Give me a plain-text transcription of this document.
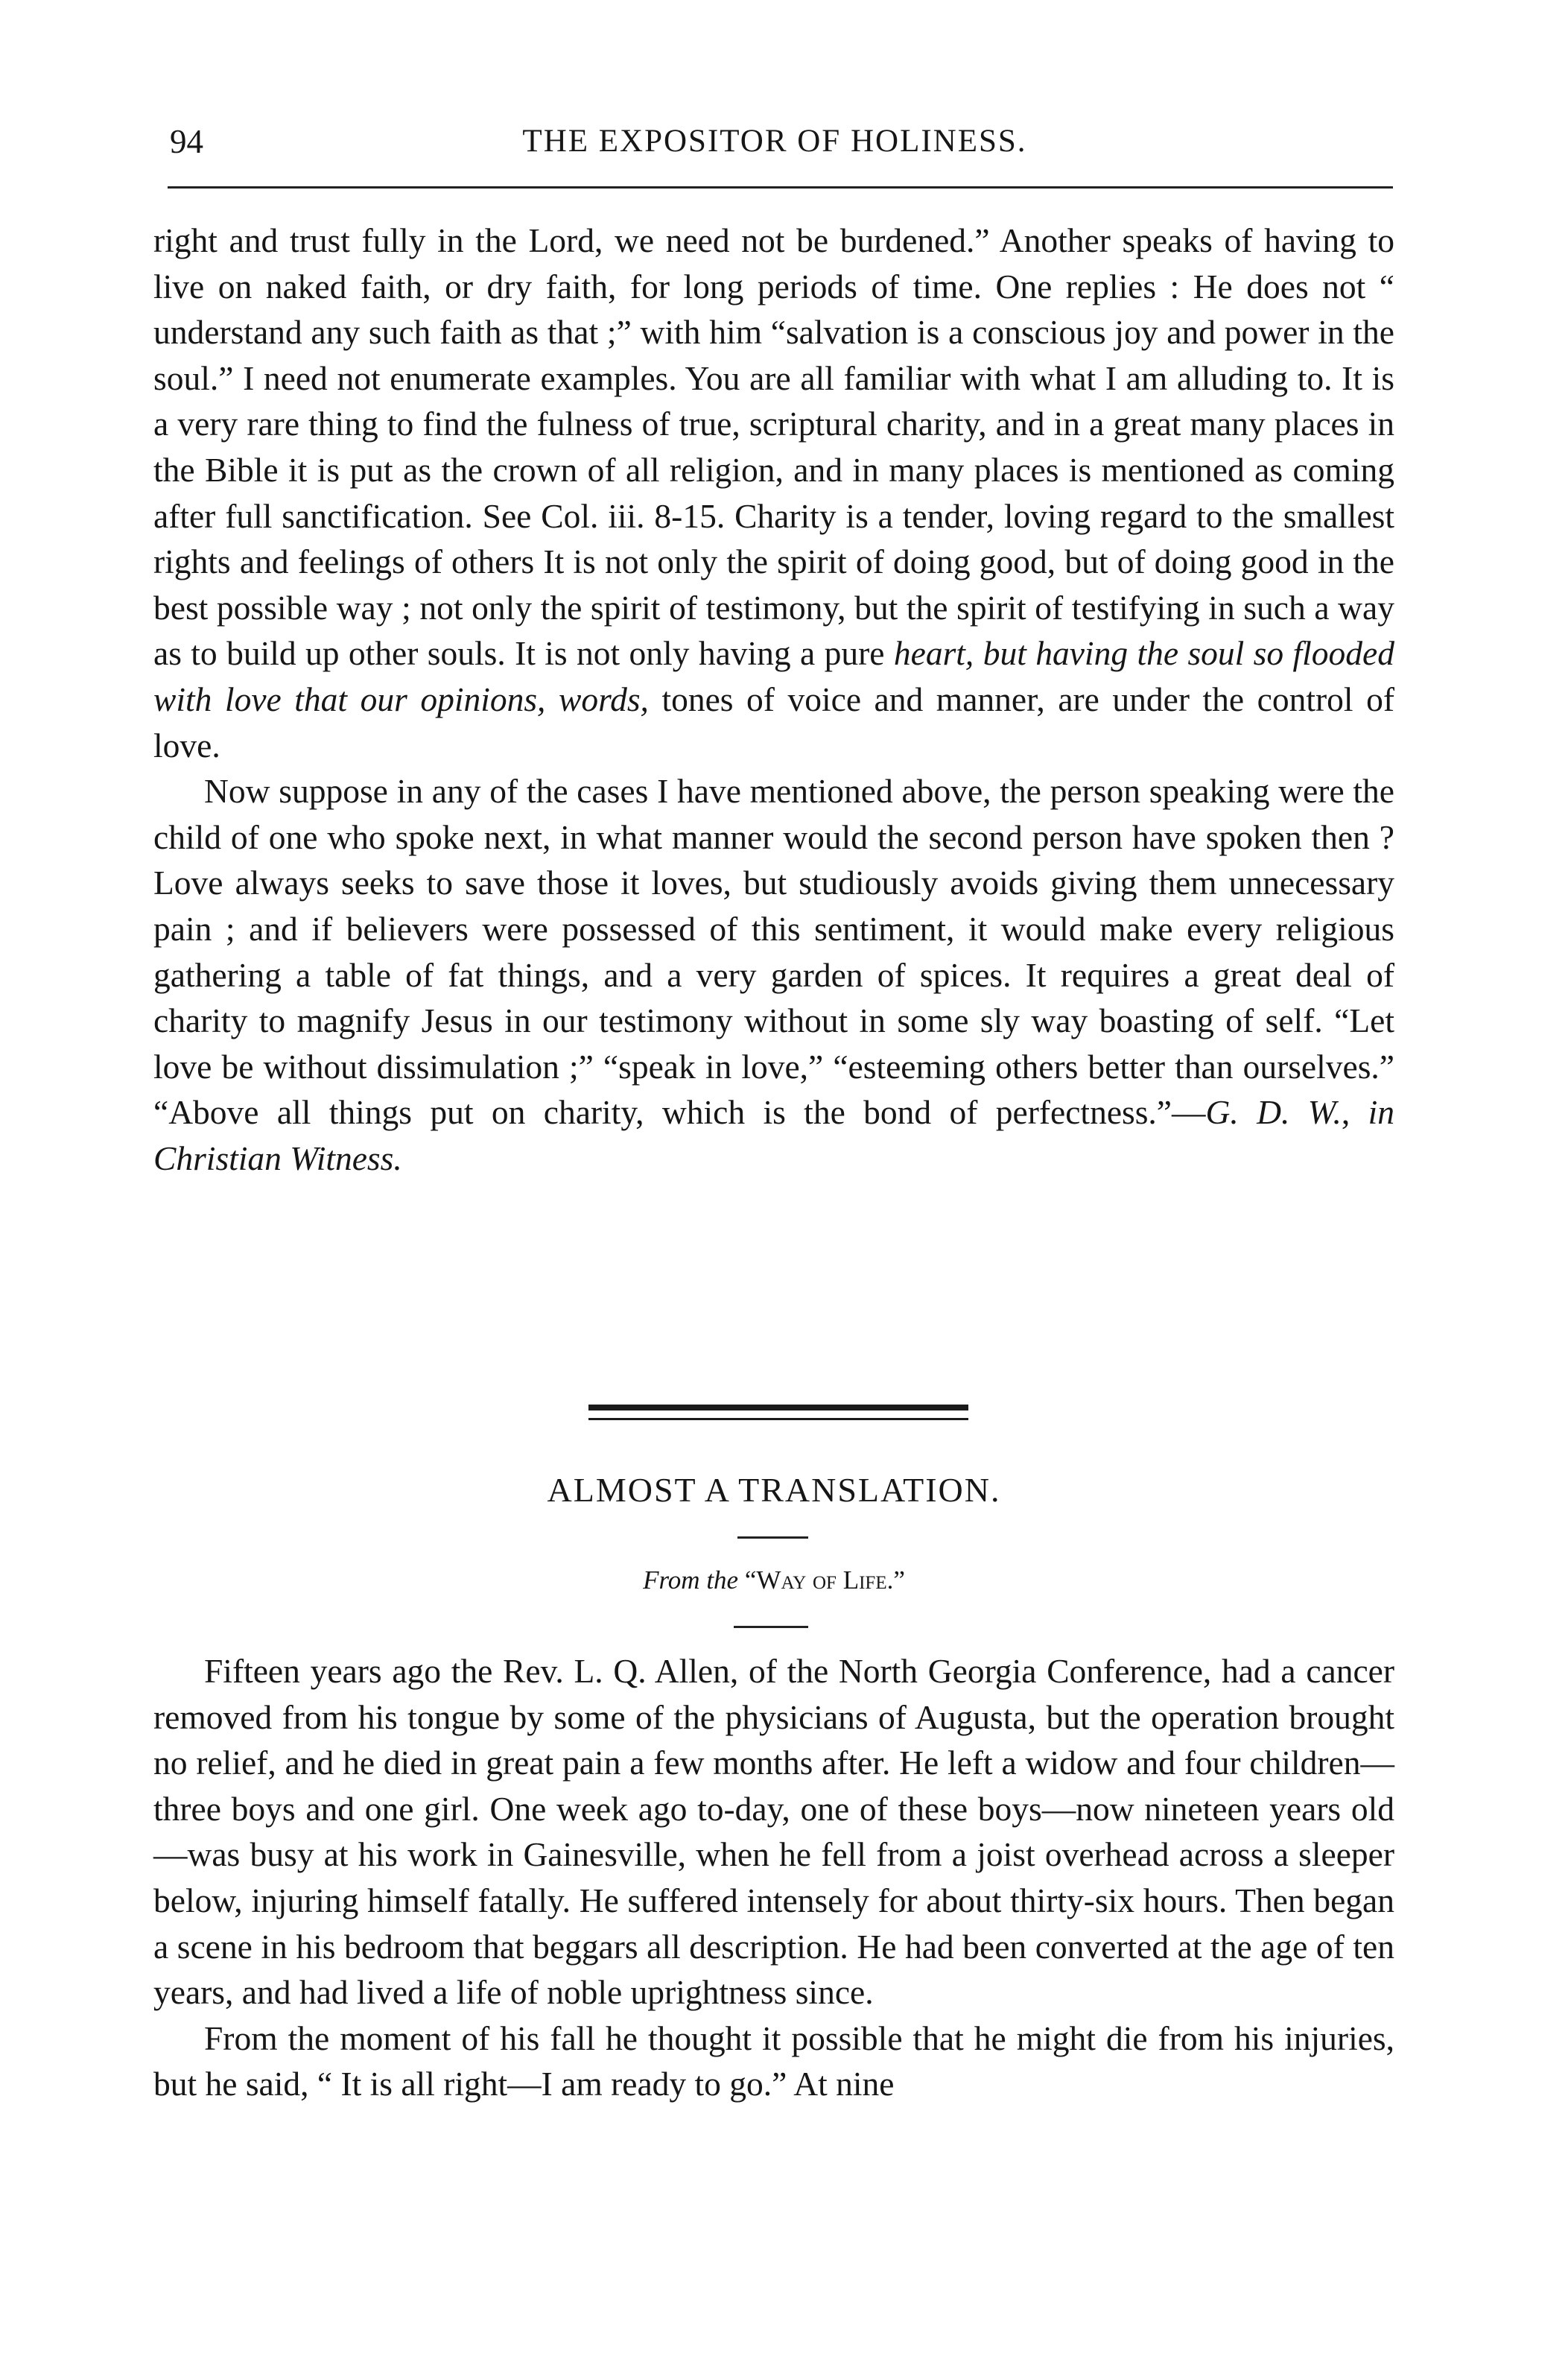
94	THE EXPOSITOR OF HOLINESS.

right and trust fully in the Lord, we need not be burdened.” Another speaks of having to live on naked faith, or dry faith, for long periods of time. One replies : He does not “ understand any such faith as that ;” with him “salvation is a conscious joy and power in the soul.” I need not enumerate examples. You are all familiar with what I am alluding to. It is a very rare thing to find the fulness of true, scriptural charity, and in a great many places in the Bible it is put as the crown of all religion, and in many places is mentioned as coming after full sanctification. See Col. iii. 8-15. Charity is a tender, loving regard to the smallest rights and feelings of others It is not only the spirit of doing good, but of doing good in the best possible way ; not only the spirit of testimony, but the spirit of testifying in such a way as to build up other souls. It is not only having a pure heart, but having the soul so flooded with love that our opinions, words, tones of voice and manner, are under the control of love.

Now suppose in any of the cases I have mentioned above, the person speaking were the child of one who spoke next, in what manner would the second person have spoken then ? Love always seeks to save those it loves, but studiously avoids giving them unnecessary pain ; and if believers were possessed of this sentiment, it would make every religious gathering a table of fat things, and a very garden of spices. It requires a great deal of charity to magnify Jesus in our testimony without in some sly way boasting of self. “Let love be without dissimulation ;” “speak in love,” “esteeming others better than ourselves.” “Above all things put on charity, which is the bond of perfectness.”—G. D. W., in Christian Witness.

ALMOST A TRANSLATION.
From the “Way of Life.”

Fifteen years ago the Rev. L. Q. Allen, of the North Georgia Conference, had a cancer removed from his tongue by some of the physicians of Augusta, but the operation brought no relief, and he died in great pain a few months after. He left a widow and four children—three boys and one girl. One week ago to-day, one of these boys—now nineteen years old—was busy at his work in Gainesville, when he fell from a joist overhead across a sleeper below, injuring himself fatally. He suffered intensely for about thirty-six hours. Then began a scene in his bedroom that beggars all description. He had been converted at the age of ten years, and had lived a life of noble uprightness since.

From the moment of his fall he thought it possible that he might die from his injuries, but he said, “ It is all right—I am ready to go.” At nine
